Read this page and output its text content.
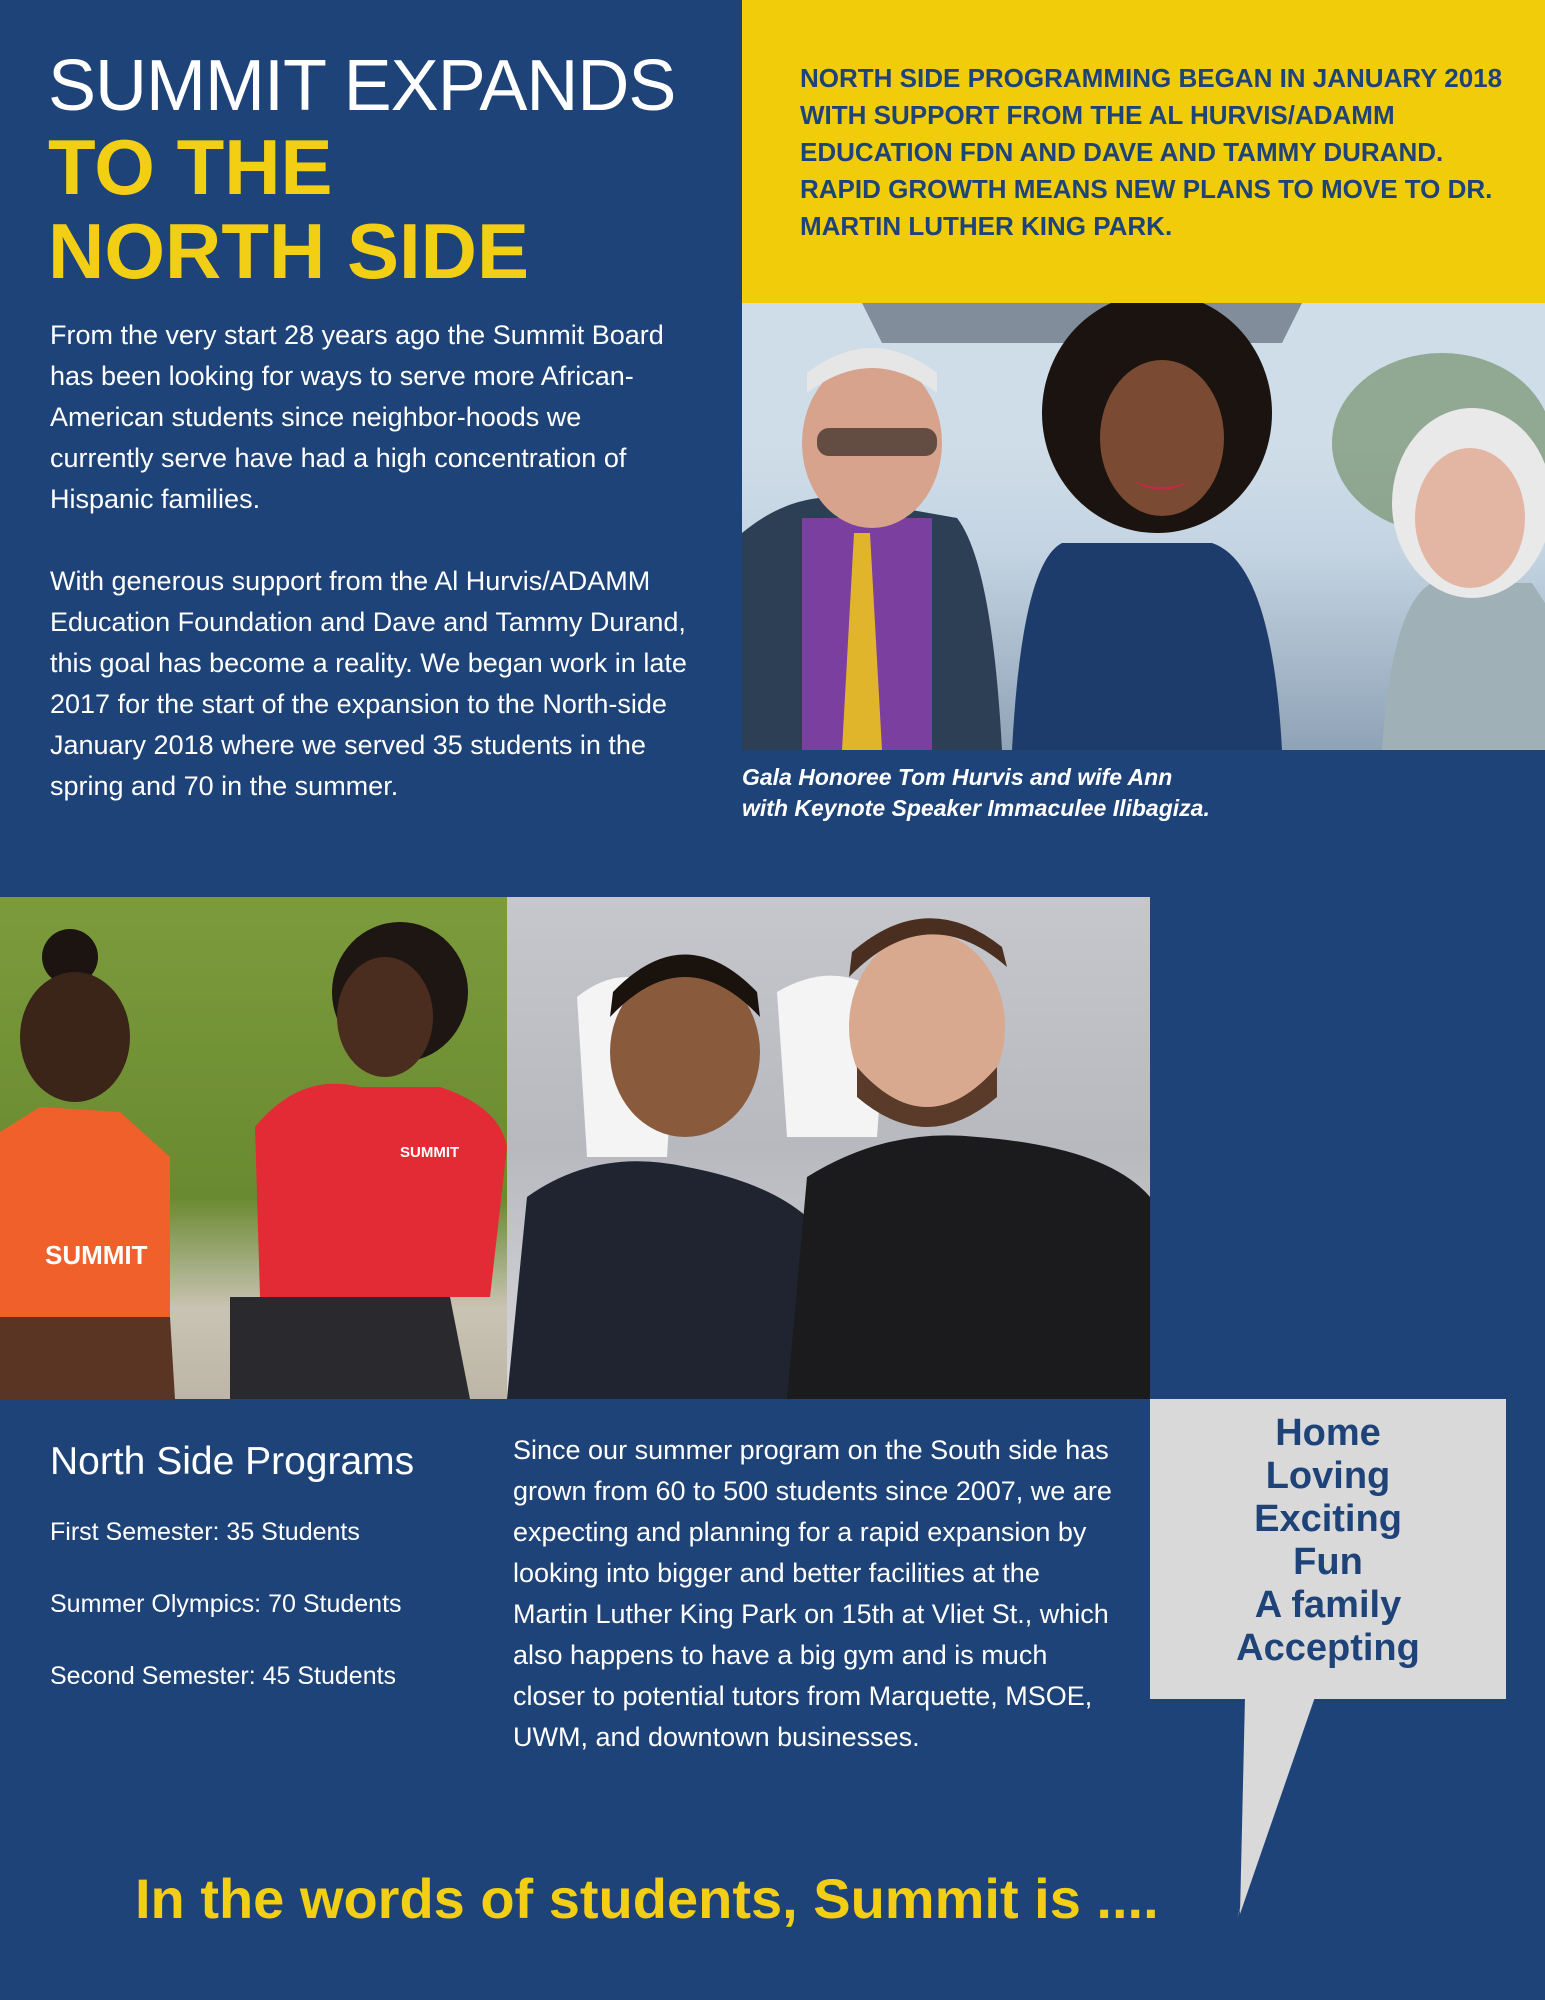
SUMMIT EXPANDS
TO THE
NORTH SIDE

From the very start 28 years ago the Summit Board has been looking for ways to serve more African-American students since neighbor-hoods we currently serve have had a high concentration of Hispanic families.

With generous support from the Al Hurvis/ADAMM Education Foundation and Dave and Tammy Durand, this goal has become a reality. We began work in late 2017 for the start of the expansion to the North-side January 2018 where we served 35 students in the spring and 70 in the summer.

NORTH SIDE PROGRAMMING BEGAN IN JANUARY 2018 WITH SUPPORT FROM THE AL HURVIS/ADAMM EDUCATION FDN AND DAVE AND TAMMY DURAND. RAPID GROWTH MEANS NEW PLANS TO MOVE TO DR. MARTIN LUTHER KING PARK.

Gala Honoree Tom Hurvis and wife Ann
with Keynote Speaker Immaculee Ilibagiza.

SUMMIT
SUMMIT
North Side Programs

First Semester: 35 Students

Summer Olympics: 70 Students

Second Semester: 45 Students

Since our summer program on the South side has grown from 60 to 500 students since 2007, we are expecting and planning for a rapid expansion by looking into bigger and better facilities at the Martin Luther King Park on 15th at Vliet St., which also happens to have a big gym and is much closer to potential tutors from Marquette, MSOE, UWM, and downtown businesses.

Home
Loving
Exciting
Fun
A family
Accepting

In the words of students, Summit is ....
